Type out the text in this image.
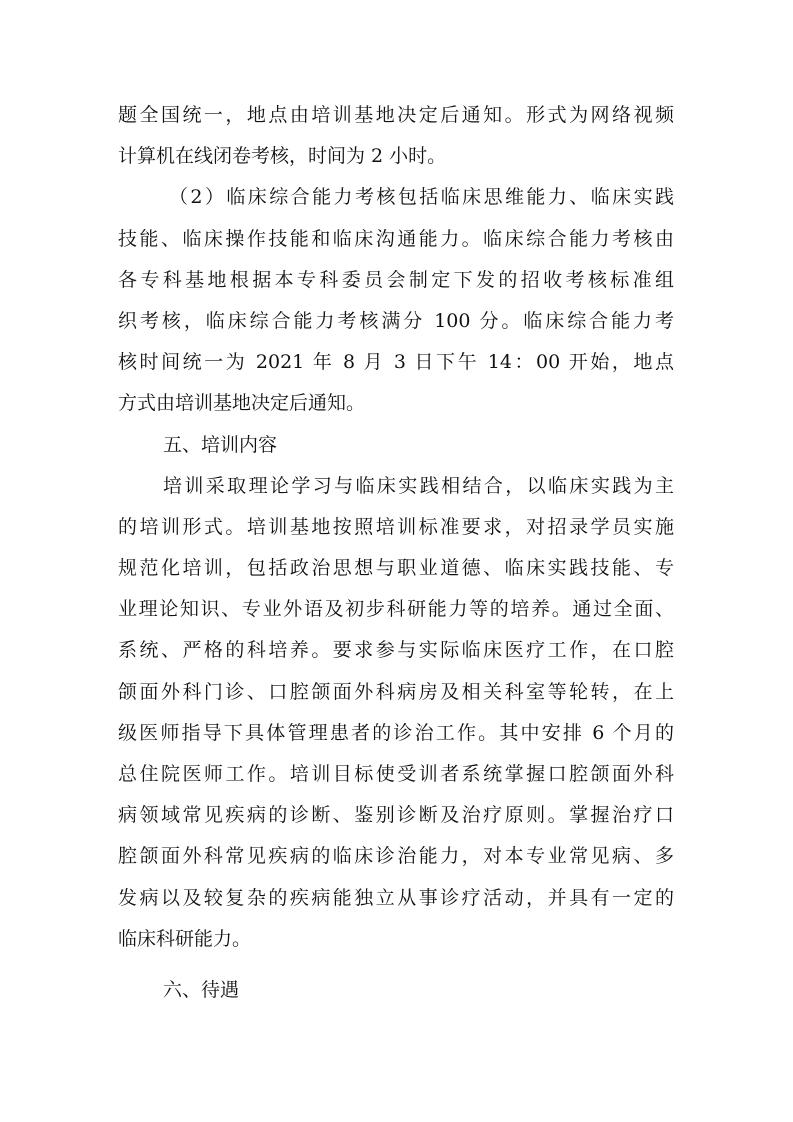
题全国统一，地点由培训基地决定后通知。形式为网络视频
计算机在线闭卷考核，时间为 2 小时。
（2）临床综合能力考核包括临床思维能力、临床实践
技能、临床操作技能和临床沟通能力。临床综合能力考核由
各专科基地根据本专科委员会制定下发的招收考核标准组
织考核，临床综合能力考核满分 100 分。临床综合能力考
核时间统一为 2021 年 8 月 3 日下午 14：00 开始，地点
方式由培训基地决定后通知。
五、培训内容
培训采取理论学习与临床实践相结合，以临床实践为主
的培训形式。培训基地按照培训标准要求，对招录学员实施
规范化培训，包括政治思想与职业道德、临床实践技能、专
业理论知识、专业外语及初步科研能力等的培养。通过全面、
系统、严格的科培养。要求参与实际临床医疗工作，在口腔
颌面外科门诊、口腔颌面外科病房及相关科室等轮转，在上
级医师指导下具体管理患者的诊治工作。其中安排 6 个月的
总住院医师工作。培训目标使受训者系统掌握口腔颌面外科
病领域常见疾病的诊断、鉴别诊断及治疗原则。掌握治疗口
腔颌面外科常见疾病的临床诊治能力，对本专业常见病、多
发病以及较复杂的疾病能独立从事诊疗活动，并具有一定的
临床科研能力。
六、待遇
